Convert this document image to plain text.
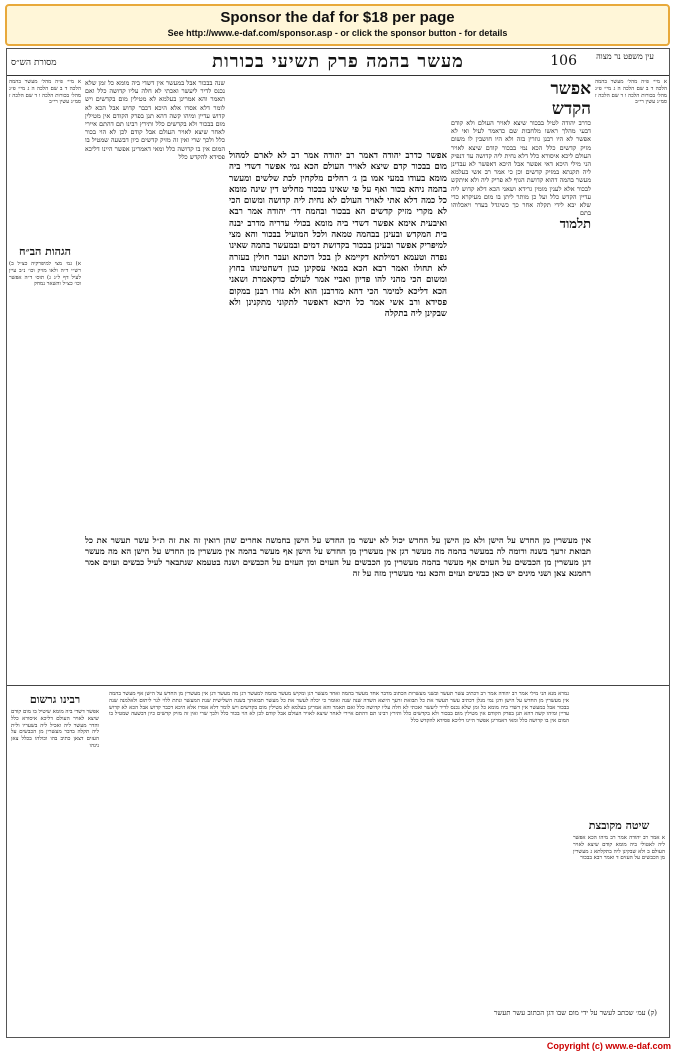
Sponsor the daf for $18 per page
See http://www.e-daf.com/sponsor.asp - or click the sponsor button - for details
עין משפט נר מצוה
106
מעשר בהמה פרק תשיעי בכורות
מסורת הש״ס
א מיי׳ פ״ה מהל׳ מעשר בהמה הלכה ד ב שם הלכה ה ג מיי׳ פ״ג מהל׳ בכורות הלכה ו ד שם הלכה ז סמ״ג עשין רי״ב
אפשר
הקדש
כדרב יהודה לטיל בבכור שיצא לאויר העולם ולא קודם דבעי מהלך ראשו מלחבות שם כדאמר לעיל ואי לא אפשר לא היו רבנן גוזרין בזה ולא היו חושבין לו משום מזיק קדשים כלל הכא נמי בבכור קודם שיצא לאויר העולם ליכא איסורא כלל דלא נחית ליה קדושה עד דנפיק הני מילי היכא דאי אפשר אבל היכא דאפשר לא עבדינן ליה תקנתא במזיק קדשים וכן כי אמר רב אשי בעלמא מעשר בהמה דהוא קדושת הגוף לא פריק ליה ולא איתקש לבכור אלא לענין מומין גרידא ושאני הכא דלא קדוש ליה עדיין הקדש כלל ועל כן מותר ליתן בו מום מעיקרא כדי שלא יבא לידי תקלה אחר כך כשיגדל בעדר ויאכלוהו בתם
תלמוד
אפשר כדרב יהודה דאמר רב יהודה אמר רב לא לארם למהול מום בבכור קדם שיצא לאויר העולם הכא נמי אפשר דשדי ביה מומא בעודו במעי אמו בן ג׳ רחלים מלקחין לכת שלשים ומעשר בהמה ניהא בכור ואף על פי שאינו בבכור מחליט דין שינה מומא כל כמה דלא אתי לאויר העולם לא נחית ליה קדושה ומשום הכי לא מקרי מזיק קדשים הא בבכור ובהמה דר׳ יהודה אמר רבא ואיבעית אימא אפשר דשדי ביה מומא בכולי עדריה מדרב יבנה בית המקדש ובעינן בבהמה טמאה ולכל המועיל בבכור והא מצי למיפריק אפשר ובעינן בבכור בקדושת דמים ובמעשר בהמה שאינו נפדה וטעמא דמילתא דקיימא לן בכל דוכתא ועבר חולין בעזרה לא תחולו ואמר רבא הכא במאי עסקינן כגון דשחטינהו בחוץ ומשום הכי מהני להו פדיון ואביי אמר לעולם כדקאמרת ושאני הכא דליכא למימר הכי דהא מדרבנן הוא ולא גזרו רבנן במקום פסידא ורב אשי אמר כל היכא דאפשר לתקוני מתקנינן ולא שבקינן ליה בתקלה
שנה בבכור אבל במעשר אין דשדי ביה מומא כל זמן שלא נכנס לדיר ליעשר ואכתי לא חלה עליו קדושה כלל ואם תאמר והא אמרינן בעלמא לא מטילין מום בקדשים ויש לומר דלא אסרו אלא היכא דכבר קדוש אבל הכא לא קדוש עדיין ומיהו קשה דהא תנן בפרק הקודם אין מטילין מום בבכור ולא בקדשים כלל ותירץ רבינו תם דהתם איירי לאחר שיצא לאויר העולם אבל קודם לכן לא הוי בכור כלל ולכך שרי ואין זה מזיק קדשים כיון דבשעה שמטיל בו המום אין בו קדושה כלל ומאי דאמרינן אפשר היינו דליכא פסידא להקדש כלל
א מיי׳ פ״ה מהל׳ מעשר בהמה הלכה ד ב שם הלכה ה ג מיי׳ פ״ג מהל׳ בכורות הלכה ו ד שם הלכה ז סמ״ג עשין רי״ב
הגהות הב״ח
א) גמ׳ מצי למיפרקיה כצ״ל ב) רש״י ד״ה ולאו מזיק וכו׳ נ״ב עיין לעיל דף ל״ג ג) תוס׳ ד״ה אפשר וכו׳ כצ״ל והשאר נמחק
אין מעשרין מן החדש על הישן ולא מן הישן על החדש יכול לא יעשר מן החדש על הישן בחמשה אחרים שהן רואין זה את זה ת״ל עשר תעשר את כל תבואת זרעך בשנה ודומה לה במעשר בהמה מה מעשר דגן אין מעשרין מן החדש על הישן אף מעשר בהמה אין מעשרין מן החדש על הישן הא מה מעשר דגן מעשרין מן הכבשים על העזים אף מעשר בהמה מעשרין מן הכבשים על העזים ומן העזים על הכבשים ושנה בטעמא שנתבאר לעיל כבשים ועזים אמר רחמנא צאן ושני מינים יש כאן כבשים ועזים והכא נמי מעשרין מזה על זה
רבינו גרשום
אפשר דשדי ביה מומא שיטיל בו מום קודם שיצא לאויר העולם דליכא איסורא כלל והדר מעשר ליה ואכיל ליה בשעריו ולית ליה תקלה בדבר מעשרין מן הכבשים על העזים דצאן כתיב בהו וכולהו בכלל צאן נינהו
שיטה מקובצת
א אמר רב יהודה אמר רב מיהו הכא אפשר ליה לאטולי ביה מומא קודם שיצא לאויר העולם ב ולא שבקינן ליה בתקלתא ג מעשרין מן הכבשים על העזים ד ואמר רבא בבכור
גמרא מנא הני מילי אמר רב יהודה אמר רב דכתיב עשר תעשר ובשני מעשרות הכתוב מדבר אחד מעשר בהמה ואחד מעשר דגן ומקיש מעשר בהמה למעשר דגן מה מעשר דגן אין מעשרין מן החדש על הישן אף מעשר בהמה אין מעשרין מן החדש על הישן ודגן נמי מנלן דכתיב עשר תעשר את כל תבואת זרעך היוצא השדה שנה שנה ואומר כי יכלה לעשר את כל מעשר תבואתך בשנה השלישית שנת המעשר ונתת ללוי לגר ליתום ולאלמנה שנה בבכור אבל במעשר אין דשדי ביה מומא כל זמן שלא נכנס לדיר ליעשר ואכתי לא חלה עליו קדושה כלל ואם תאמר והא אמרינן בעלמא לא מטילין מום בקדשים ויש לומר דלא אסרו אלא היכא דכבר קדוש אבל הכא לא קדוש עדיין ומיהו קשה דהא תנן בפרק הקודם אין מטילין מום בבכור ולא בקדשים כלל ותירץ רבינו תם דהתם איירי לאחר שיצא לאויר העולם אבל קודם לכן לא הוי בכור כלל ולכך שרי ואין זה מזיק קדשים כיון דבשעה שמטיל בו המום אין בו קדושה כלל ומאי דאמרינן אפשר היינו דליכא פסידא להקדש כלל
(ק) עמ׳ שכתב לעשר על ידי מום שבו דגן הכתוב עשר תעשר
Copyright (c) www.e-daf.com
